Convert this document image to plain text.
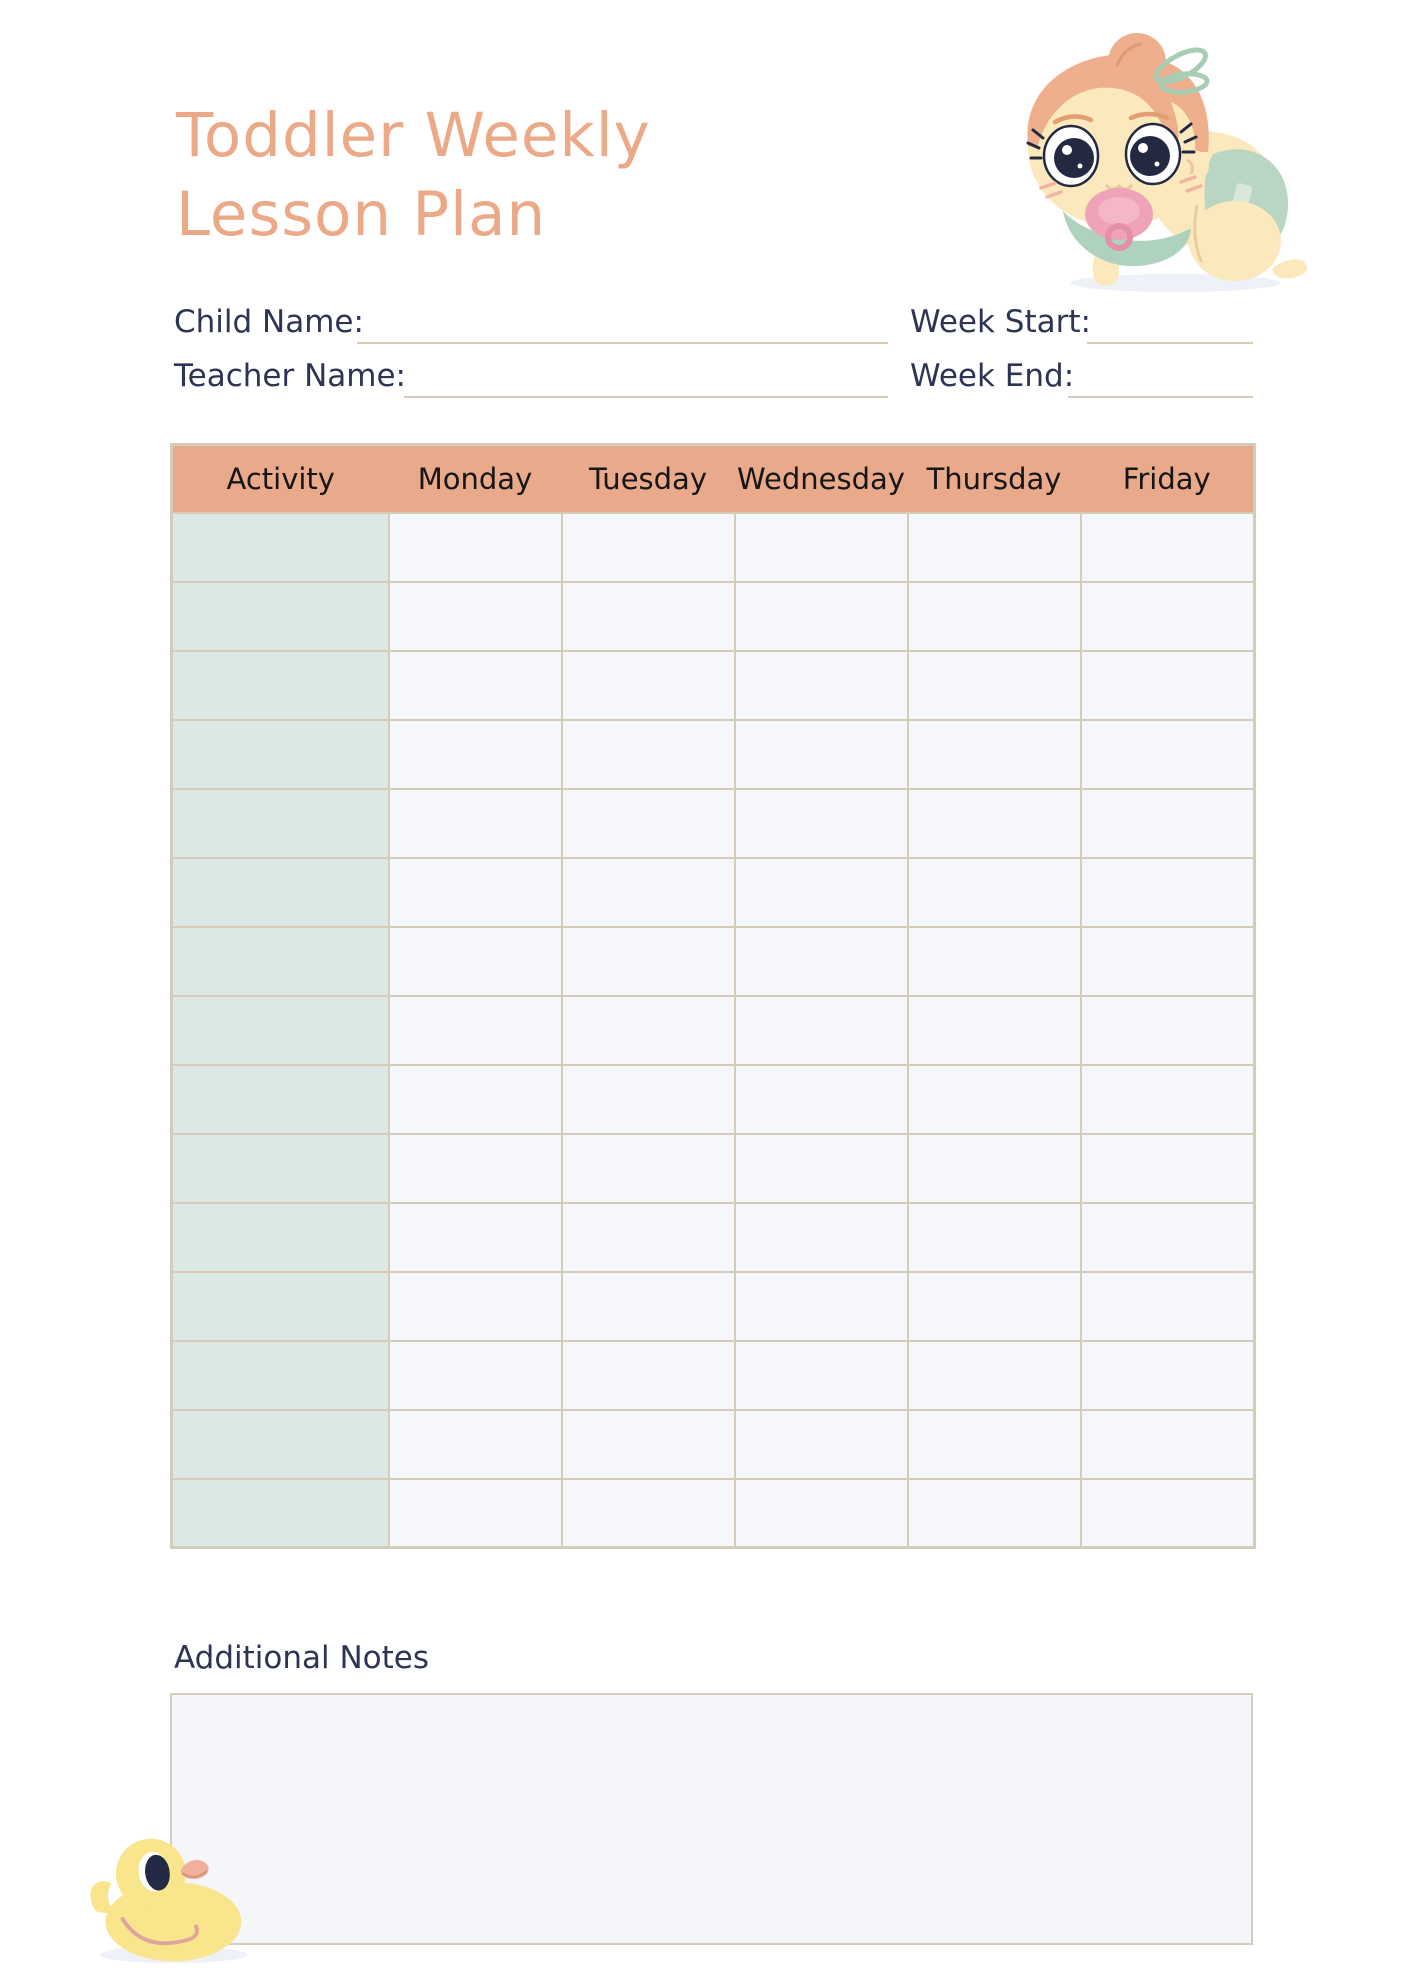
Toddler Weekly
Lesson Plan
Child Name:	Week Start:
Teacher Name:	Week End:
Activity	Monday	Tuesday	Wednesday	Thursday	Friday

Additional Notes
